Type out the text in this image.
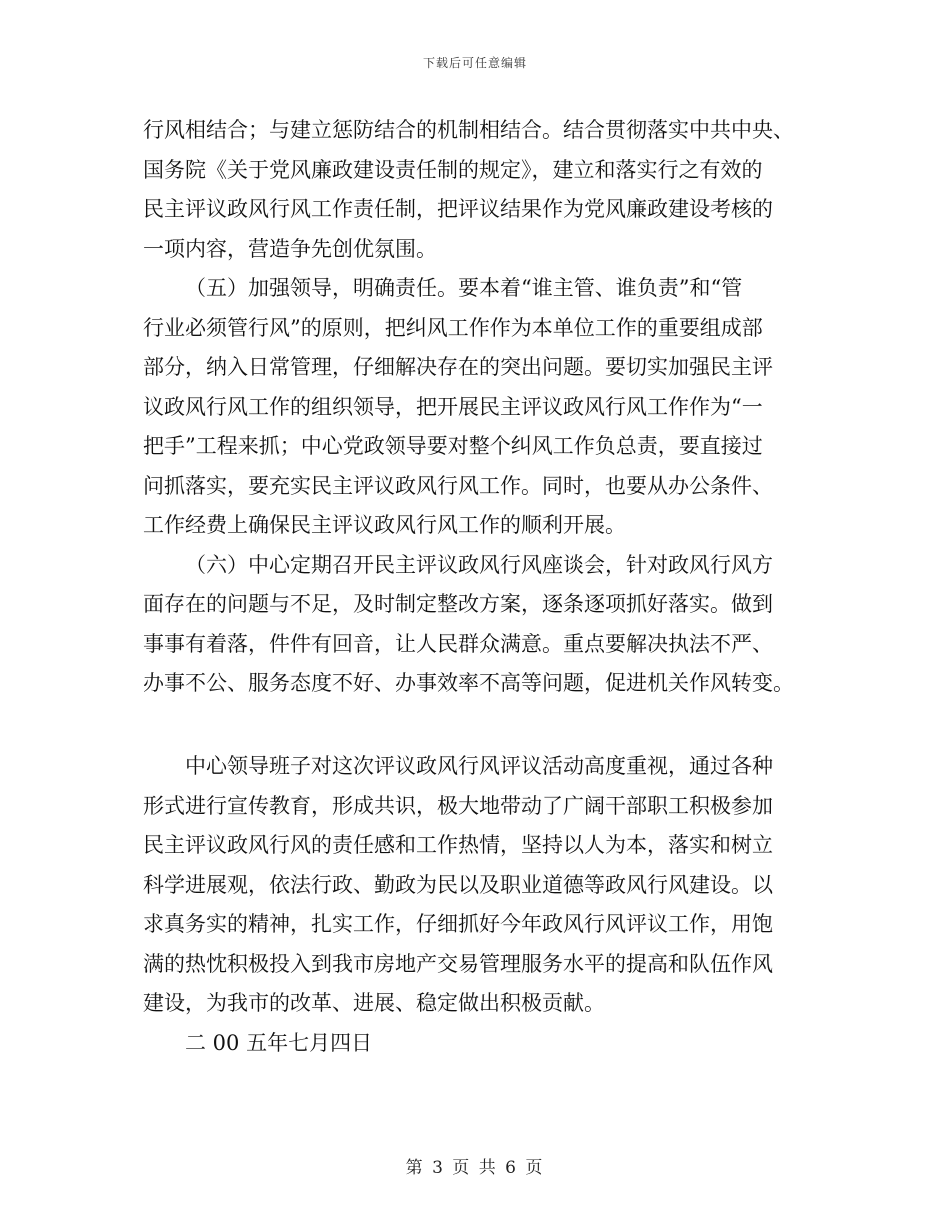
下载后可任意编辑
行风相结合；与建立惩防结合的机制相结合。结合贯彻落实中共中央、
国务院《关于党风廉政建设责任制的规定》，建立和落实行之有效的
民主评议政风行风工作责任制，把评议结果作为党风廉政建设考核的
一项内容，营造争先创优氛围。
（五）加强领导，明确责任。要本着“谁主管、谁负责”和“管
行业必须管行风”的原则，把纠风工作作为本单位工作的重要组成部
部分，纳入日常管理，仔细解决存在的突出问题。要切实加强民主评
议政风行风工作的组织领导，把开展民主评议政风行风工作作为“一
把手”工程来抓；中心党政领导要对整个纠风工作负总责，要直接过
问抓落实，要充实民主评议政风行风工作。同时，也要从办公条件、
工作经费上确保民主评议政风行风工作的顺利开展。
（六）中心定期召开民主评议政风行风座谈会，针对政风行风方
面存在的问题与不足，及时制定整改方案，逐条逐项抓好落实。做到
事事有着落，件件有回音，让人民群众满意。重点要解决执法不严、
办事不公、服务态度不好、办事效率不高等问题，促进机关作风转变。
中心领导班子对这次评议政风行风评议活动高度重视，通过各种
形式进行宣传教育，形成共识，极大地带动了广阔干部职工积极参加
民主评议政风行风的责任感和工作热情，坚持以人为本，落实和树立
科学进展观，依法行政、勤政为民以及职业道德等政风行风建设。以
求真务实的精神，扎实工作，仔细抓好今年政风行风评议工作，用饱
满的热忱积极投入到我市房地产交易管理服务水平的提高和队伍作风
建设，为我市的改革、进展、稳定做出积极贡献。
二 00 五年七月四日
第 3 页 共 6 页
